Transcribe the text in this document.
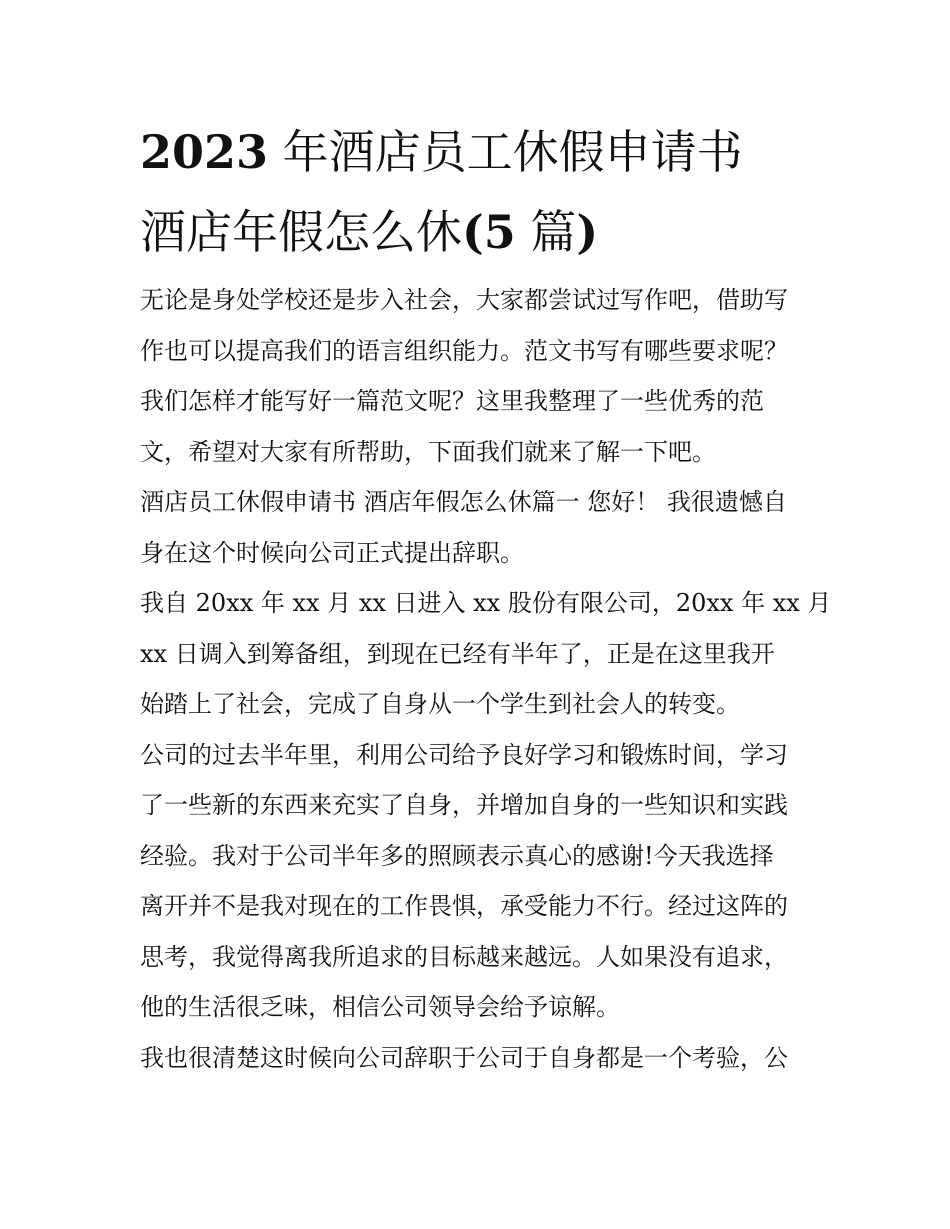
2023 年酒店员工休假申请书
酒店年假怎么休(5 篇)
无论是身处学校还是步入社会，大家都尝试过写作吧，借助写
作也可以提高我们的语言组织能力。范文书写有哪些要求呢？
我们怎样才能写好一篇范文呢？这里我整理了一些优秀的范
文，希望对大家有所帮助，下面我们就来了解一下吧。
酒店员工休假申请书 酒店年假怎么休篇一 您好！ 我很遗憾自
身在这个时候向公司正式提出辞职。
我自 20xx 年 xx 月 xx 日进入 xx 股份有限公司，20xx 年 xx 月
xx 日调入到筹备组，到现在已经有半年了，正是在这里我开
始踏上了社会，完成了自身从一个学生到社会人的转变。
公司的过去半年里，利用公司给予良好学习和锻炼时间，学习
了一些新的东西来充实了自身，并增加自身的一些知识和实践
经验。我对于公司半年多的照顾表示真心的感谢!今天我选择
离开并不是我对现在的工作畏惧，承受能力不行。经过这阵的
思考，我觉得离我所追求的目标越来越远。人如果没有追求，
他的生活很乏味，相信公司领导会给予谅解。
我也很清楚这时候向公司辞职于公司于自身都是一个考验，公
